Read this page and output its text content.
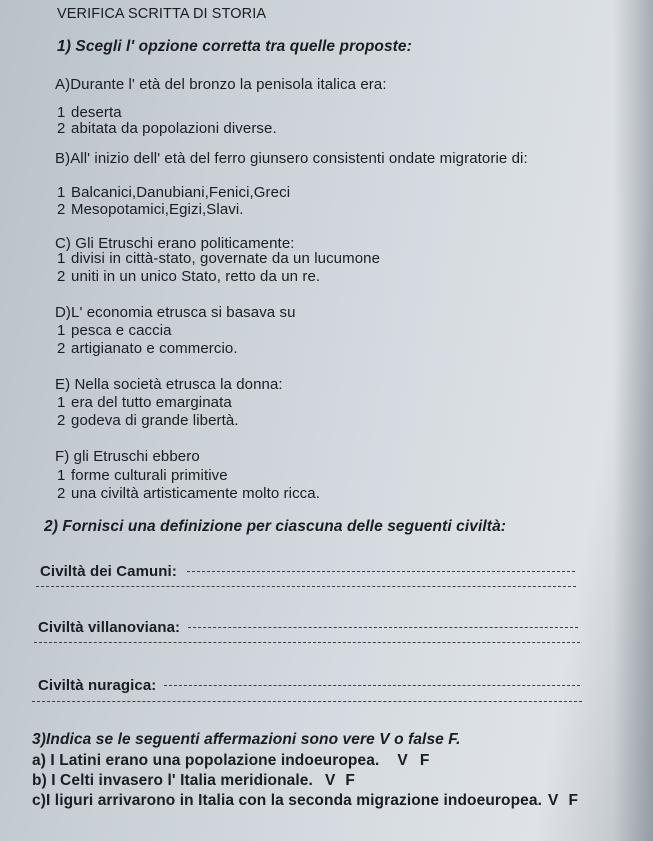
VERIFICA SCRITTA DI STORIA
1) Scegli l' opzione corretta tra quelle proposte:
A)Durante l' età del bronzo la penisola italica era:
1 deserta
2 abitata da popolazioni diverse.
B)All' inizio dell' età del ferro giunsero consistenti ondate migratorie di:
1 Balcanici,Danubiani,Fenici,Greci
2 Mesopotamici,Egizi,Slavi.
C) Gli Etruschi erano politicamente:
1 divisi in città-stato, governate da un lucumone
2 uniti in un unico Stato, retto da un re.
D)L' economia etrusca si basava su
1 pesca e caccia
2 artigianato e commercio.
E) Nella società etrusca la donna:
1 era del tutto emarginata
2 godeva di grande libertà.
F) gli Etruschi ebbero
1 forme culturali primitive
2 una civiltà artisticamente molto ricca.
2) Fornisci una definizione per ciascuna delle seguenti civiltà:
Civiltà dei Camuni:
Civiltà villanoviana:
Civiltà nuragica:
3)Indica se le seguenti affermazioni sono vere V o false F.
a) I Latini erano una popolazione indoeuropea. V F
b) I Celti invasero l' Italia meridionale. V F
c)I liguri arrivarono in Italia con la seconda migrazione indoeuropea. V F
